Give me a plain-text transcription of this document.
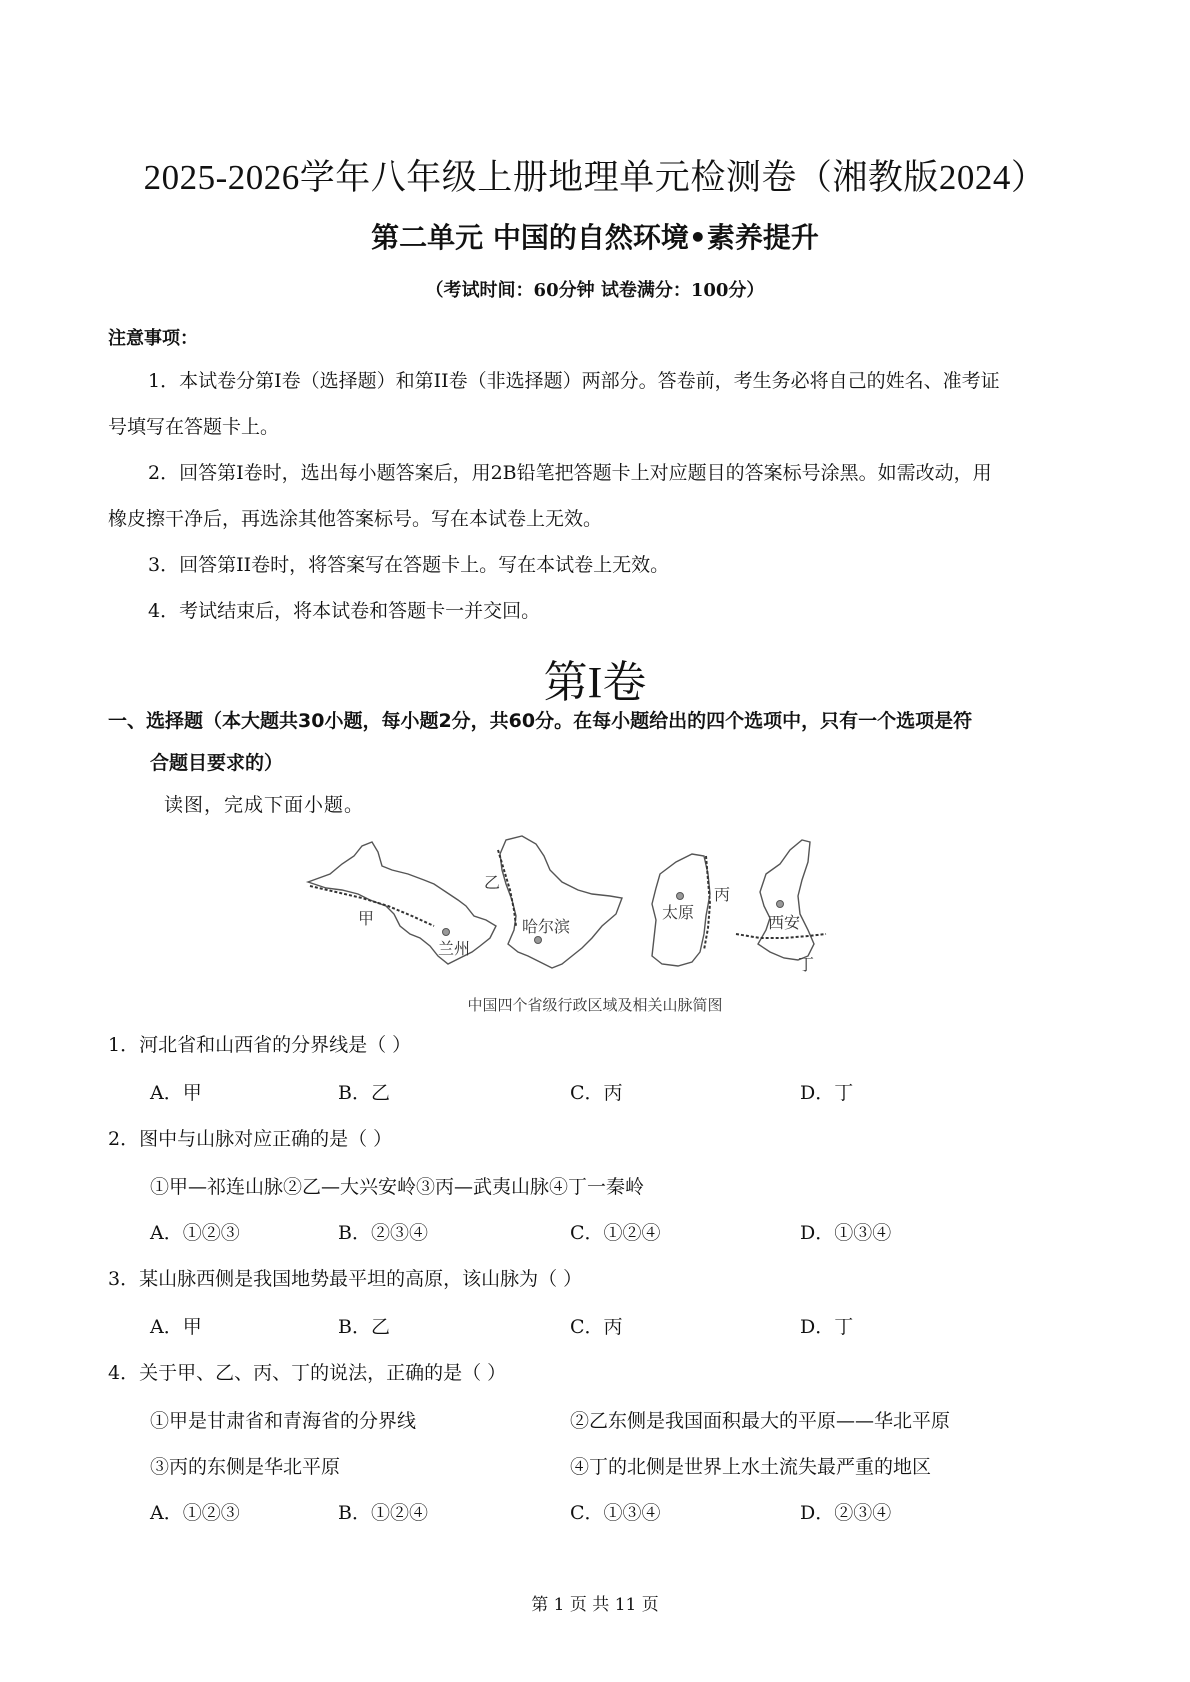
2025-2026学年八年级上册地理单元检测卷（湘教版2024）
第二单元 中国的自然环境•素养提升
（考试时间：60分钟 试卷满分：100分）
注意事项：
1．本试卷分第I卷（选择题）和第II卷（非选择题）两部分。答卷前，考生务必将自己的姓名、准考证
号填写在答题卡上。
2．回答第I卷时，选出每小题答案后，用2B铅笔把答题卡上对应题目的答案标号涂黑。如需改动，用
橡皮擦干净后，再选涂其他答案标号。写在本试卷上无效。
3．回答第II卷时，将答案写在答题卡上。写在本试卷上无效。
4．考试结束后，将本试卷和答题卡一并交回。
第I卷
一、选择题（本大题共30小题，每小题2分，共60分。在每小题给出的四个选项中，只有一个选项是符
合题目要求的）
读图，完成下面小题。
甲
兰州
乙
哈尔滨
太原
丙
西安
丁
中国四个省级行政区域及相关山脉简图
1．河北省和山西省的分界线是（ ）
A．甲	B．乙	C．丙	D．丁
2．图中与山脉对应正确的是（ ）
①甲—祁连山脉②乙—大兴安岭③丙—武夷山脉④丁一秦岭
A．①②③	B．②③④	C．①②④	D．①③④
3．某山脉西侧是我国地势最平坦的高原，该山脉为（ ）
A．甲	B．乙	C．丙	D．丁
4．关于甲、乙、丙、丁的说法，正确的是（ ）
①甲是甘肃省和青海省的分界线	②乙东侧是我国面积最大的平原——华北平原
③丙的东侧是华北平原	④丁的北侧是世界上水土流失最严重的地区
A．①②③	B．①②④	C．①③④	D．②③④
第 1 页 共 11 页
